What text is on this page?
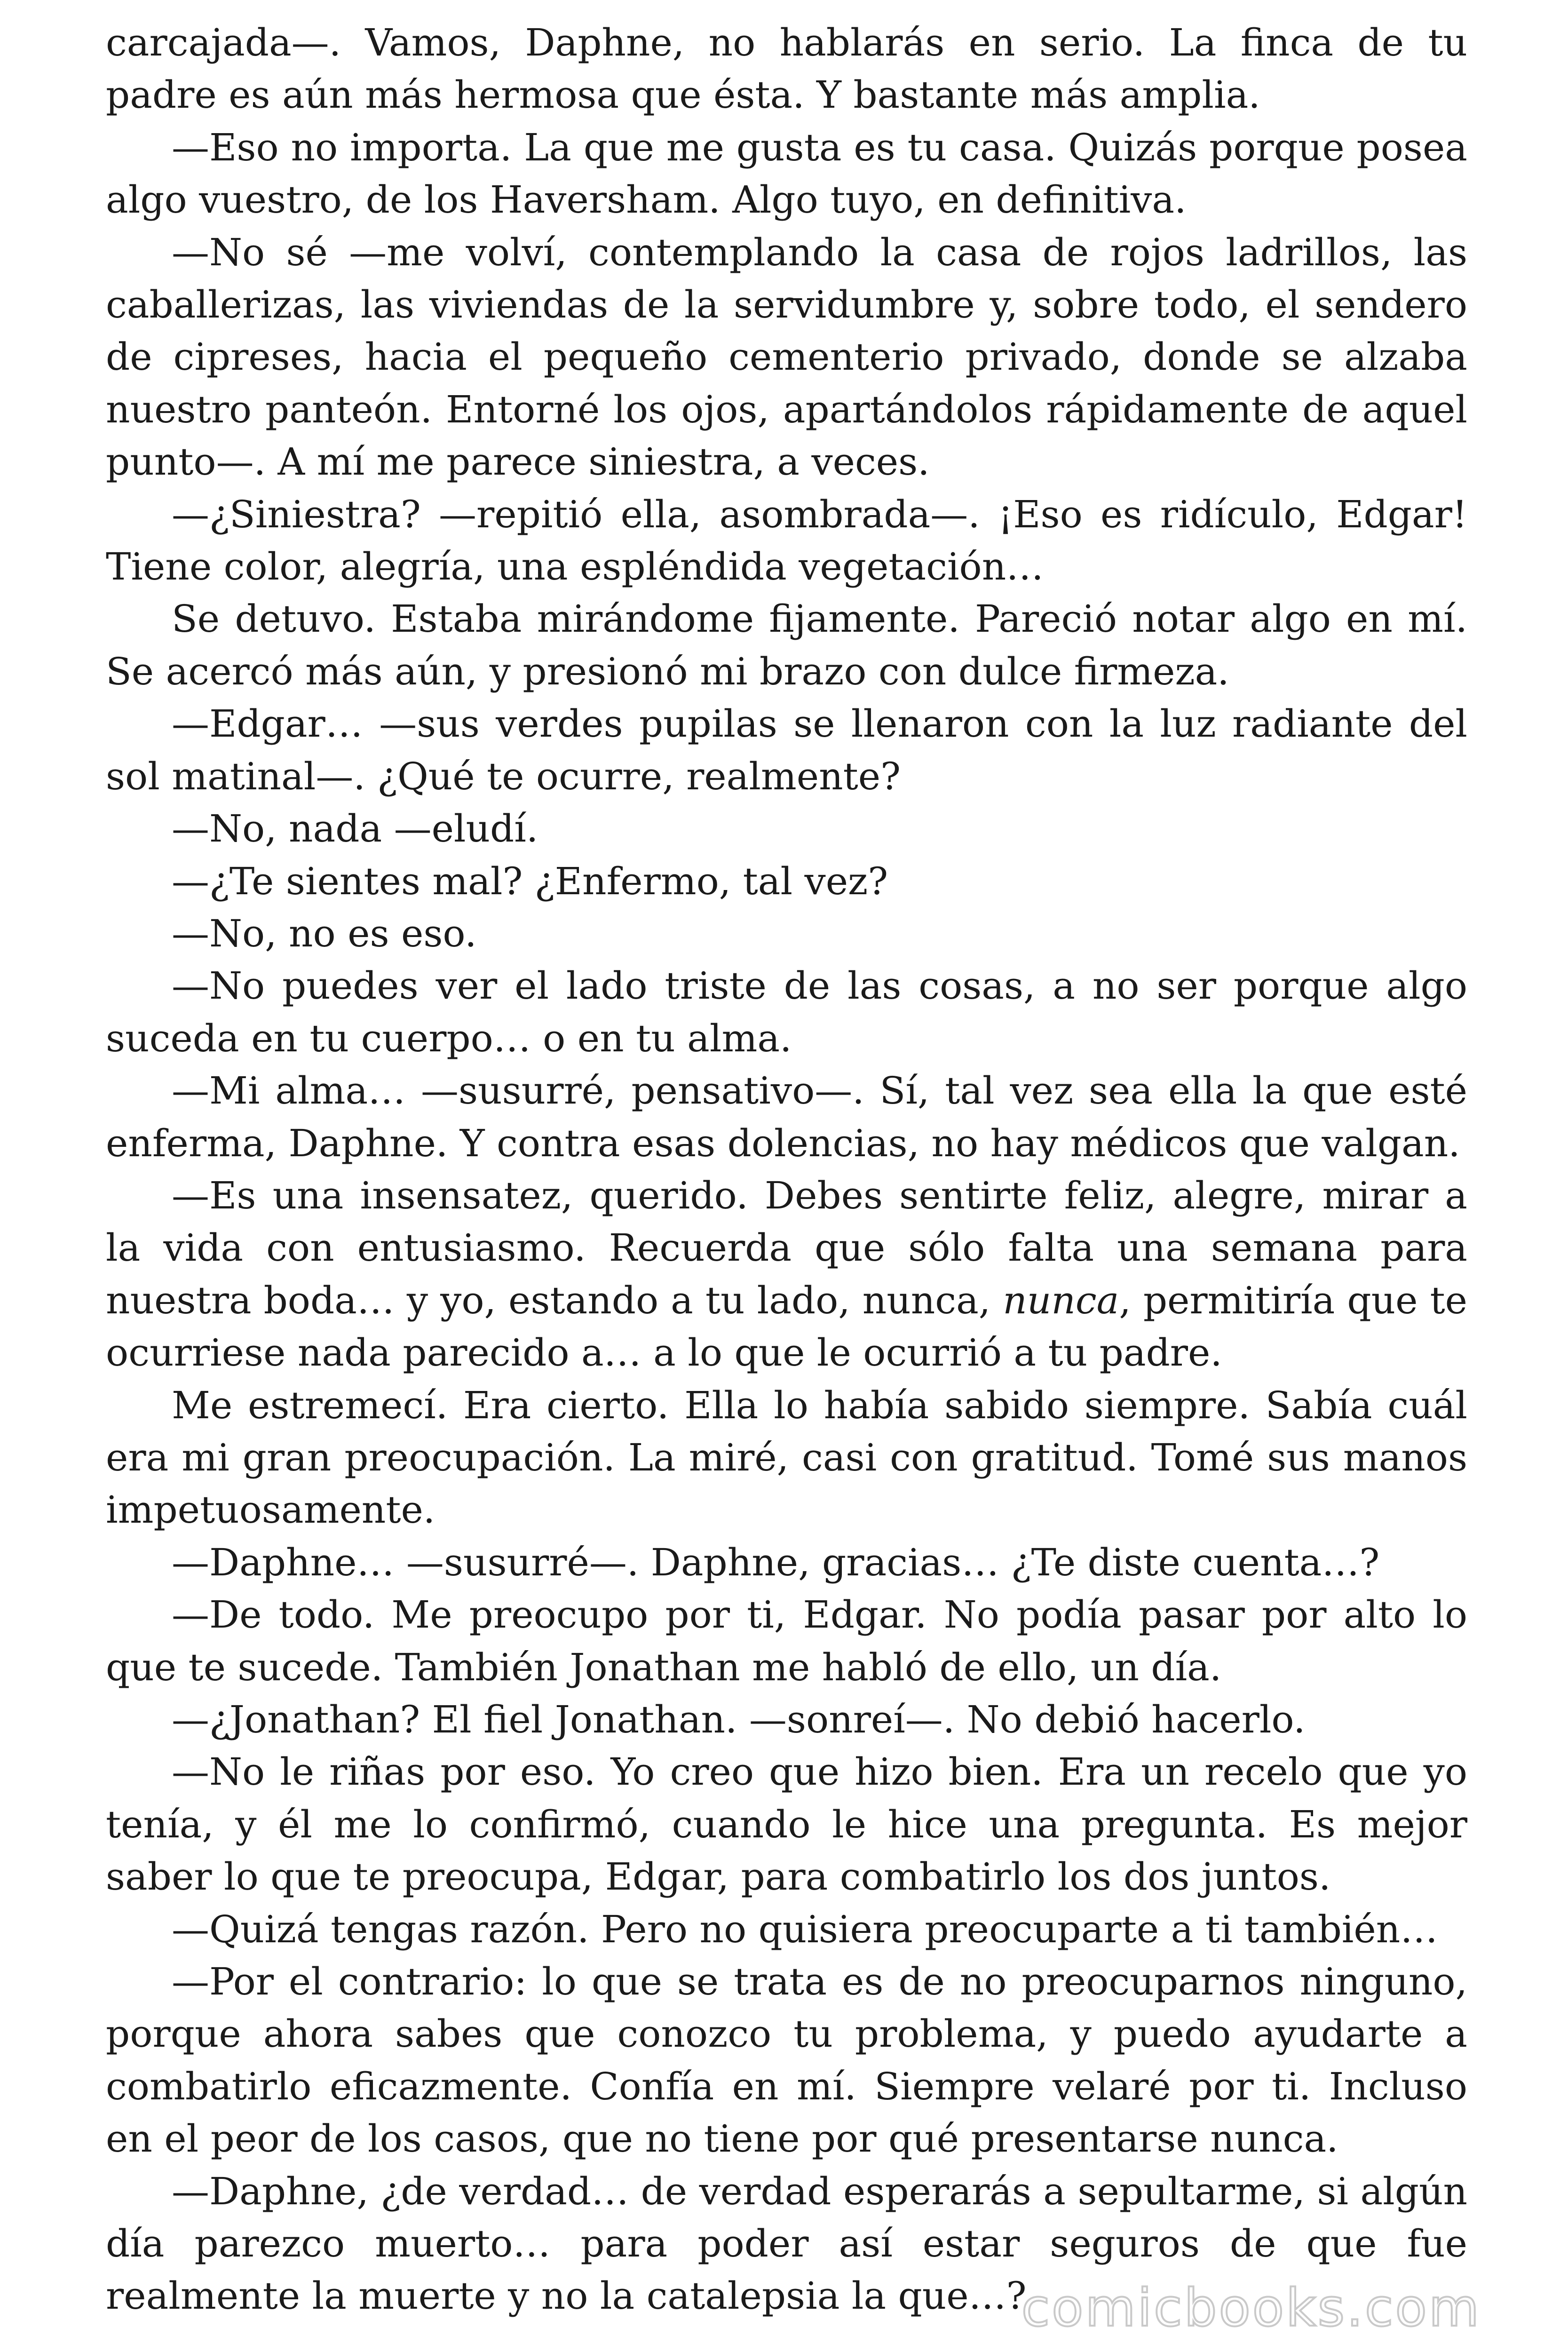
carcajada—. Vamos, Daphne, no hablarás en serio. La finca de tu padre es aún más hermosa que ésta. Y bastante más amplia.

—Eso no importa. La que me gusta es tu casa. Quizás porque posea algo vuestro, de los Haversham. Algo tuyo, en definitiva.

—No sé —me volví, contemplando la casa de rojos ladrillos, las caballerizas, las viviendas de la servidumbre y, sobre todo, el sendero de cipreses, hacia el pequeño cementerio privado, donde se alzaba nuestro panteón. Entorné los ojos, apartándolos rápidamente de aquel punto—. A mí me parece siniestra, a veces.

—¿Siniestra? —repitió ella, asombrada—. ¡Eso es ridículo, Edgar! Tiene color, alegría, una espléndida vegetación…

Se detuvo. Estaba mirándome fijamente. Pareció notar algo en mí. Se acercó más aún, y presionó mi brazo con dulce firmeza.

—Edgar… —sus verdes pupilas se llenaron con la luz radiante del sol matinal—. ¿Qué te ocurre, realmente?

—No, nada —eludí.

—¿Te sientes mal? ¿Enfermo, tal vez?

—No, no es eso.

—No puedes ver el lado triste de las cosas, a no ser porque algo suceda en tu cuerpo… o en tu alma.

—Mi alma… —susurré, pensativo—. Sí, tal vez sea ella la que esté enferma, Daphne. Y contra esas dolencias, no hay médicos que valgan.

—Es una insensatez, querido. Debes sentirte feliz, alegre, mirar a la vida con entusiasmo. Recuerda que sólo falta una semana para nuestra boda… y yo, estando a tu lado, nunca, nunca, permitiría que te ocurriese nada parecido a… a lo que le ocurrió a tu padre.

Me estremecí. Era cierto. Ella lo había sabido siempre. Sabía cuál era mi gran preocupación. La miré, casi con gratitud. Tomé sus manos impetuosamente.

—Daphne… —susurré—. Daphne, gracias… ¿Te diste cuenta…?

—De todo. Me preocupo por ti, Edgar. No podía pasar por alto lo que te sucede. También Jonathan me habló de ello, un día.

—¿Jonathan? El fiel Jonathan. —sonreí—. No debió hacerlo.

—No le riñas por eso. Yo creo que hizo bien. Era un recelo que yo tenía, y él me lo confirmó, cuando le hice una pregunta. Es mejor saber lo que te preocupa, Edgar, para combatirlo los dos juntos.

—Quizá tengas razón. Pero no quisiera preocuparte a ti también…

—Por el contrario: lo que se trata es de no preocuparnos ninguno, porque ahora sabes que conozco tu problema, y puedo ayudarte a combatirlo eficazmente. Confía en mí. Siempre velaré por ti. Incluso en el peor de los casos, que no tiene por qué presentarse nunca.

—Daphne, ¿de verdad… de verdad esperarás a sepultarme, si algún día parezco muerto… para poder así estar seguros de que fue realmente la muerte y no la catalepsia la que…?

comicbooks.com
